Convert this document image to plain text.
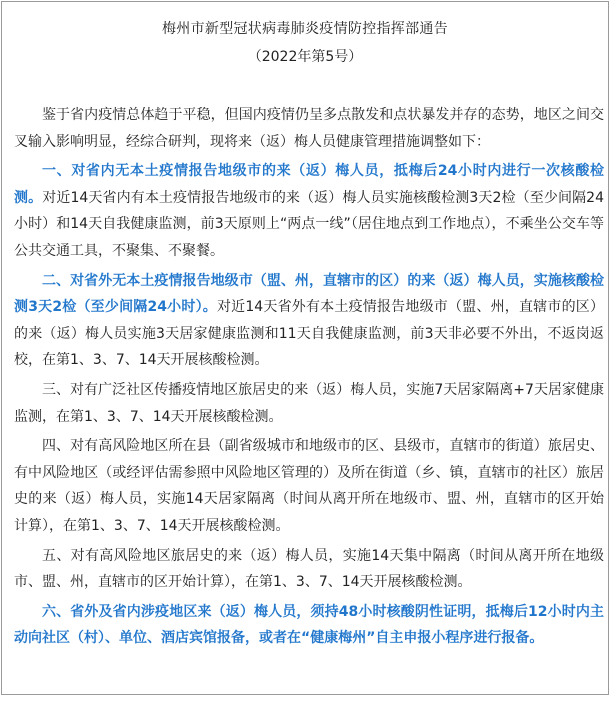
梅州市新型冠状病毒肺炎疫情防控指挥部通告
（2022年第5号）

鉴于省内疫情总体趋于平稳，但国内疫情仍呈多点散发和点状暴发并存的态势，地区之间交叉输入影响明显，经综合研判，现将来（返）梅人员健康管理措施调整如下：

一、对省内无本土疫情报告地级市的来（返）梅人员，抵梅后24小时内进行一次核酸检测。对近14天省内有本土疫情报告地级市的来（返）梅人员实施核酸检测3天2检（至少间隔24小时）和14天自我健康监测，前3天原则上“两点一线”（居住地点到工作地点），不乘坐公交车等公共交通工具，不聚集、不聚餐。

二、对省外无本土疫情报告地级市（盟、州，直辖市的区）的来（返）梅人员，实施核酸检测3天2检（至少间隔24小时）。对近14天省外有本土疫情报告地级市（盟、州，直辖市的区）的来（返）梅人员实施3天居家健康监测和11天自我健康监测，前3天非必要不外出，不返岗返校，在第1、3、7、14天开展核酸检测。

三、对有广泛社区传播疫情地区旅居史的来（返）梅人员，实施7天居家隔离+7天居家健康监测，在第1、3、7、14天开展核酸检测。

四、对有高风险地区所在县（副省级城市和地级市的区、县级市，直辖市的街道）旅居史、有中风险地区（或经评估需参照中风险地区管理的）及所在街道（乡、镇，直辖市的社区）旅居史的来（返）梅人员，实施14天居家隔离（时间从离开所在地级市、盟、州，直辖市的区开始计算），在第1、3、7、14天开展核酸检测。

五、对有高风险地区旅居史的来（返）梅人员，实施14天集中隔离（时间从离开所在地级市、盟、州，直辖市的区开始计算），在第1、3、7、14天开展核酸检测。

六、省外及省内涉疫地区来（返）梅人员，须持48小时核酸阴性证明，抵梅后12小时内主动向社区（村）、单位、酒店宾馆报备，或者在“健康梅州”自主申报小程序进行报备。
